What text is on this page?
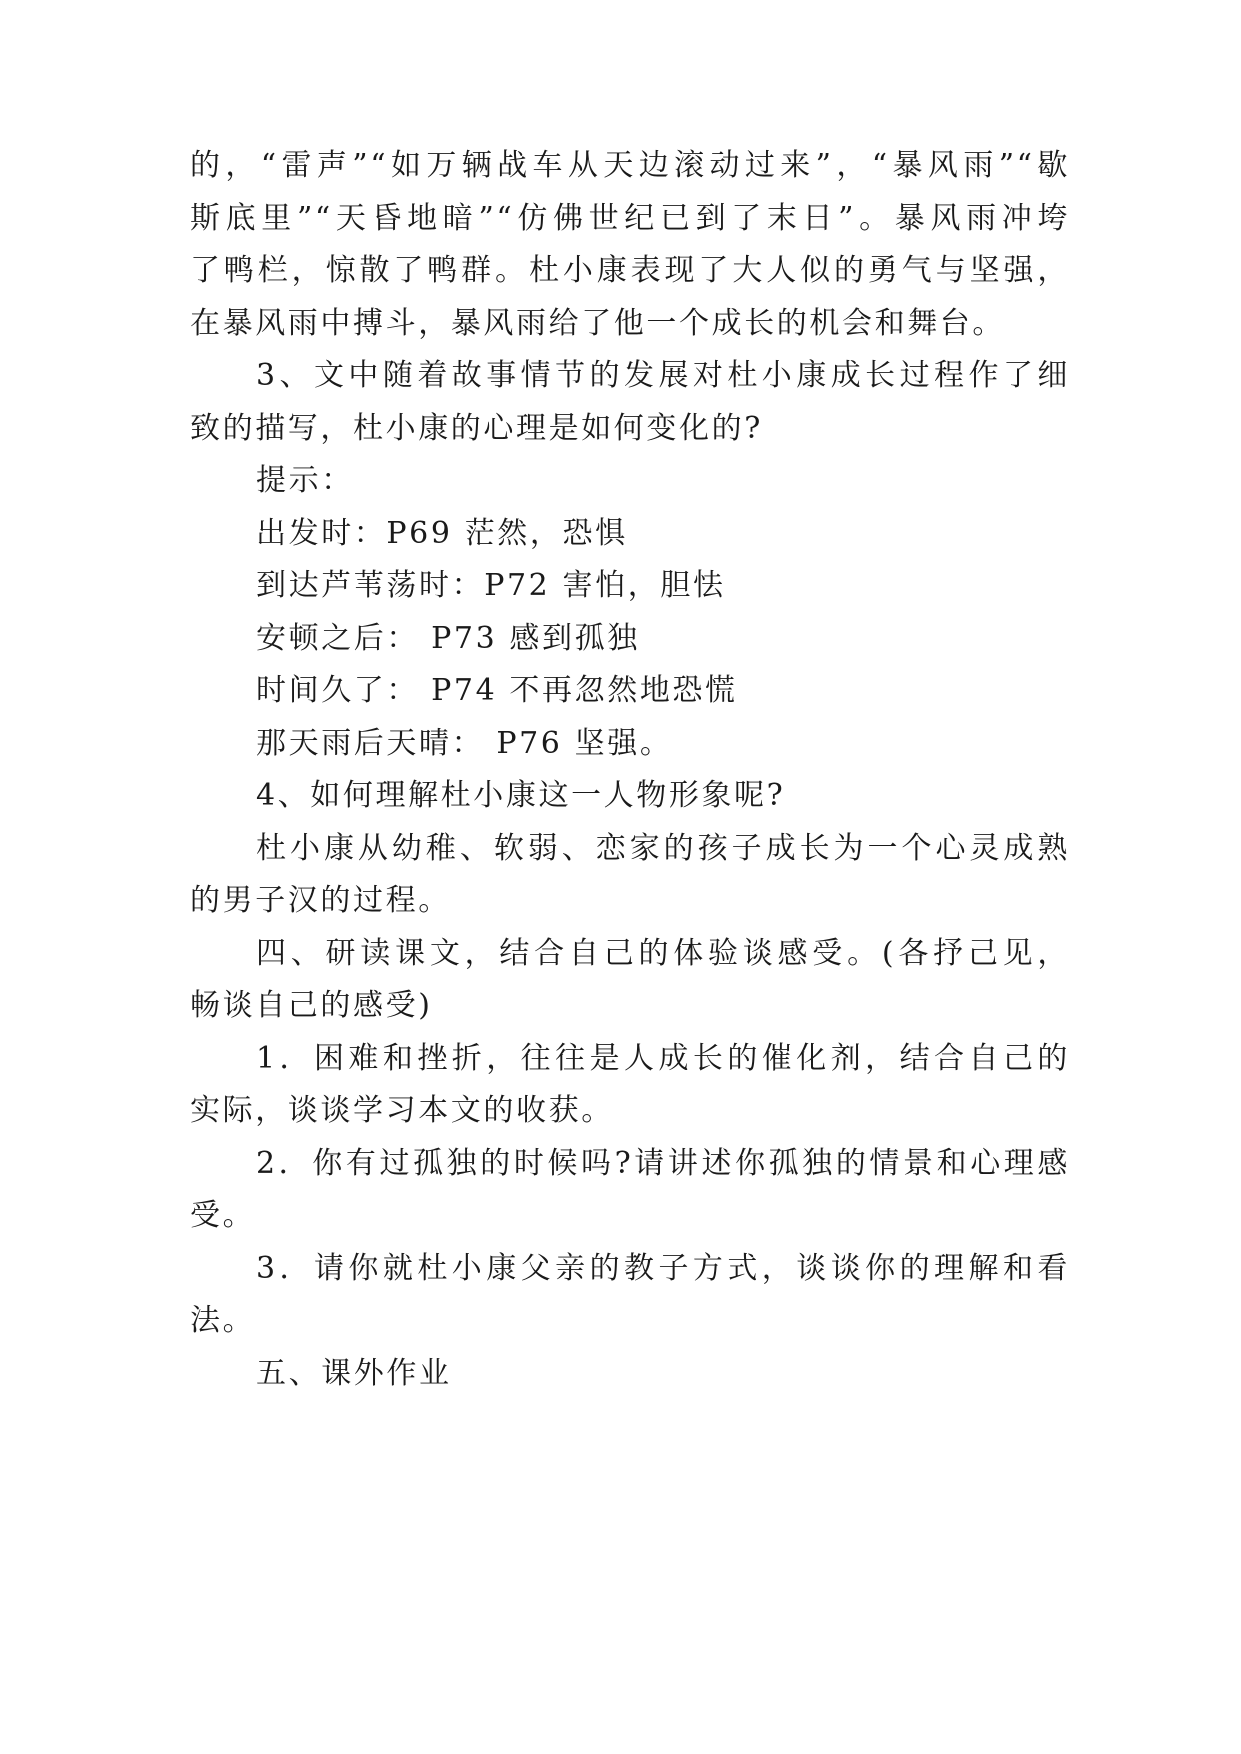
的，“雷声”“如万辆战车从天边滚动过来”，“暴风雨”“歇
斯底里”“天昏地暗”“仿佛世纪已到了末日”。暴风雨冲垮
了鸭栏，惊散了鸭群。杜小康表现了大人似的勇气与坚强，
在暴风雨中搏斗，暴风雨给了他一个成长的机会和舞台。
3、文中随着故事情节的发展对杜小康成长过程作了细
致的描写，杜小康的心理是如何变化的?
提示：
出发时：P69 茫然，恐惧
到达芦苇荡时：P72 害怕，胆怯
安顿之后： P73 感到孤独
时间久了： P74 不再忽然地恐慌
那天雨后天晴： P76 坚强。
4、如何理解杜小康这一人物形象呢?
杜小康从幼稚、软弱、恋家的孩子成长为一个心灵成熟
的男子汉的过程。
四、研读课文，结合自己的体验谈感受。(各抒己见，
畅谈自己的感受)
1．困难和挫折，往往是人成长的催化剂，结合自己的
实际，谈谈学习本文的收获。
2．你有过孤独的时候吗?请讲述你孤独的情景和心理感
受。
3．请你就杜小康父亲的教子方式，谈谈你的理解和看
法。
五、课外作业
